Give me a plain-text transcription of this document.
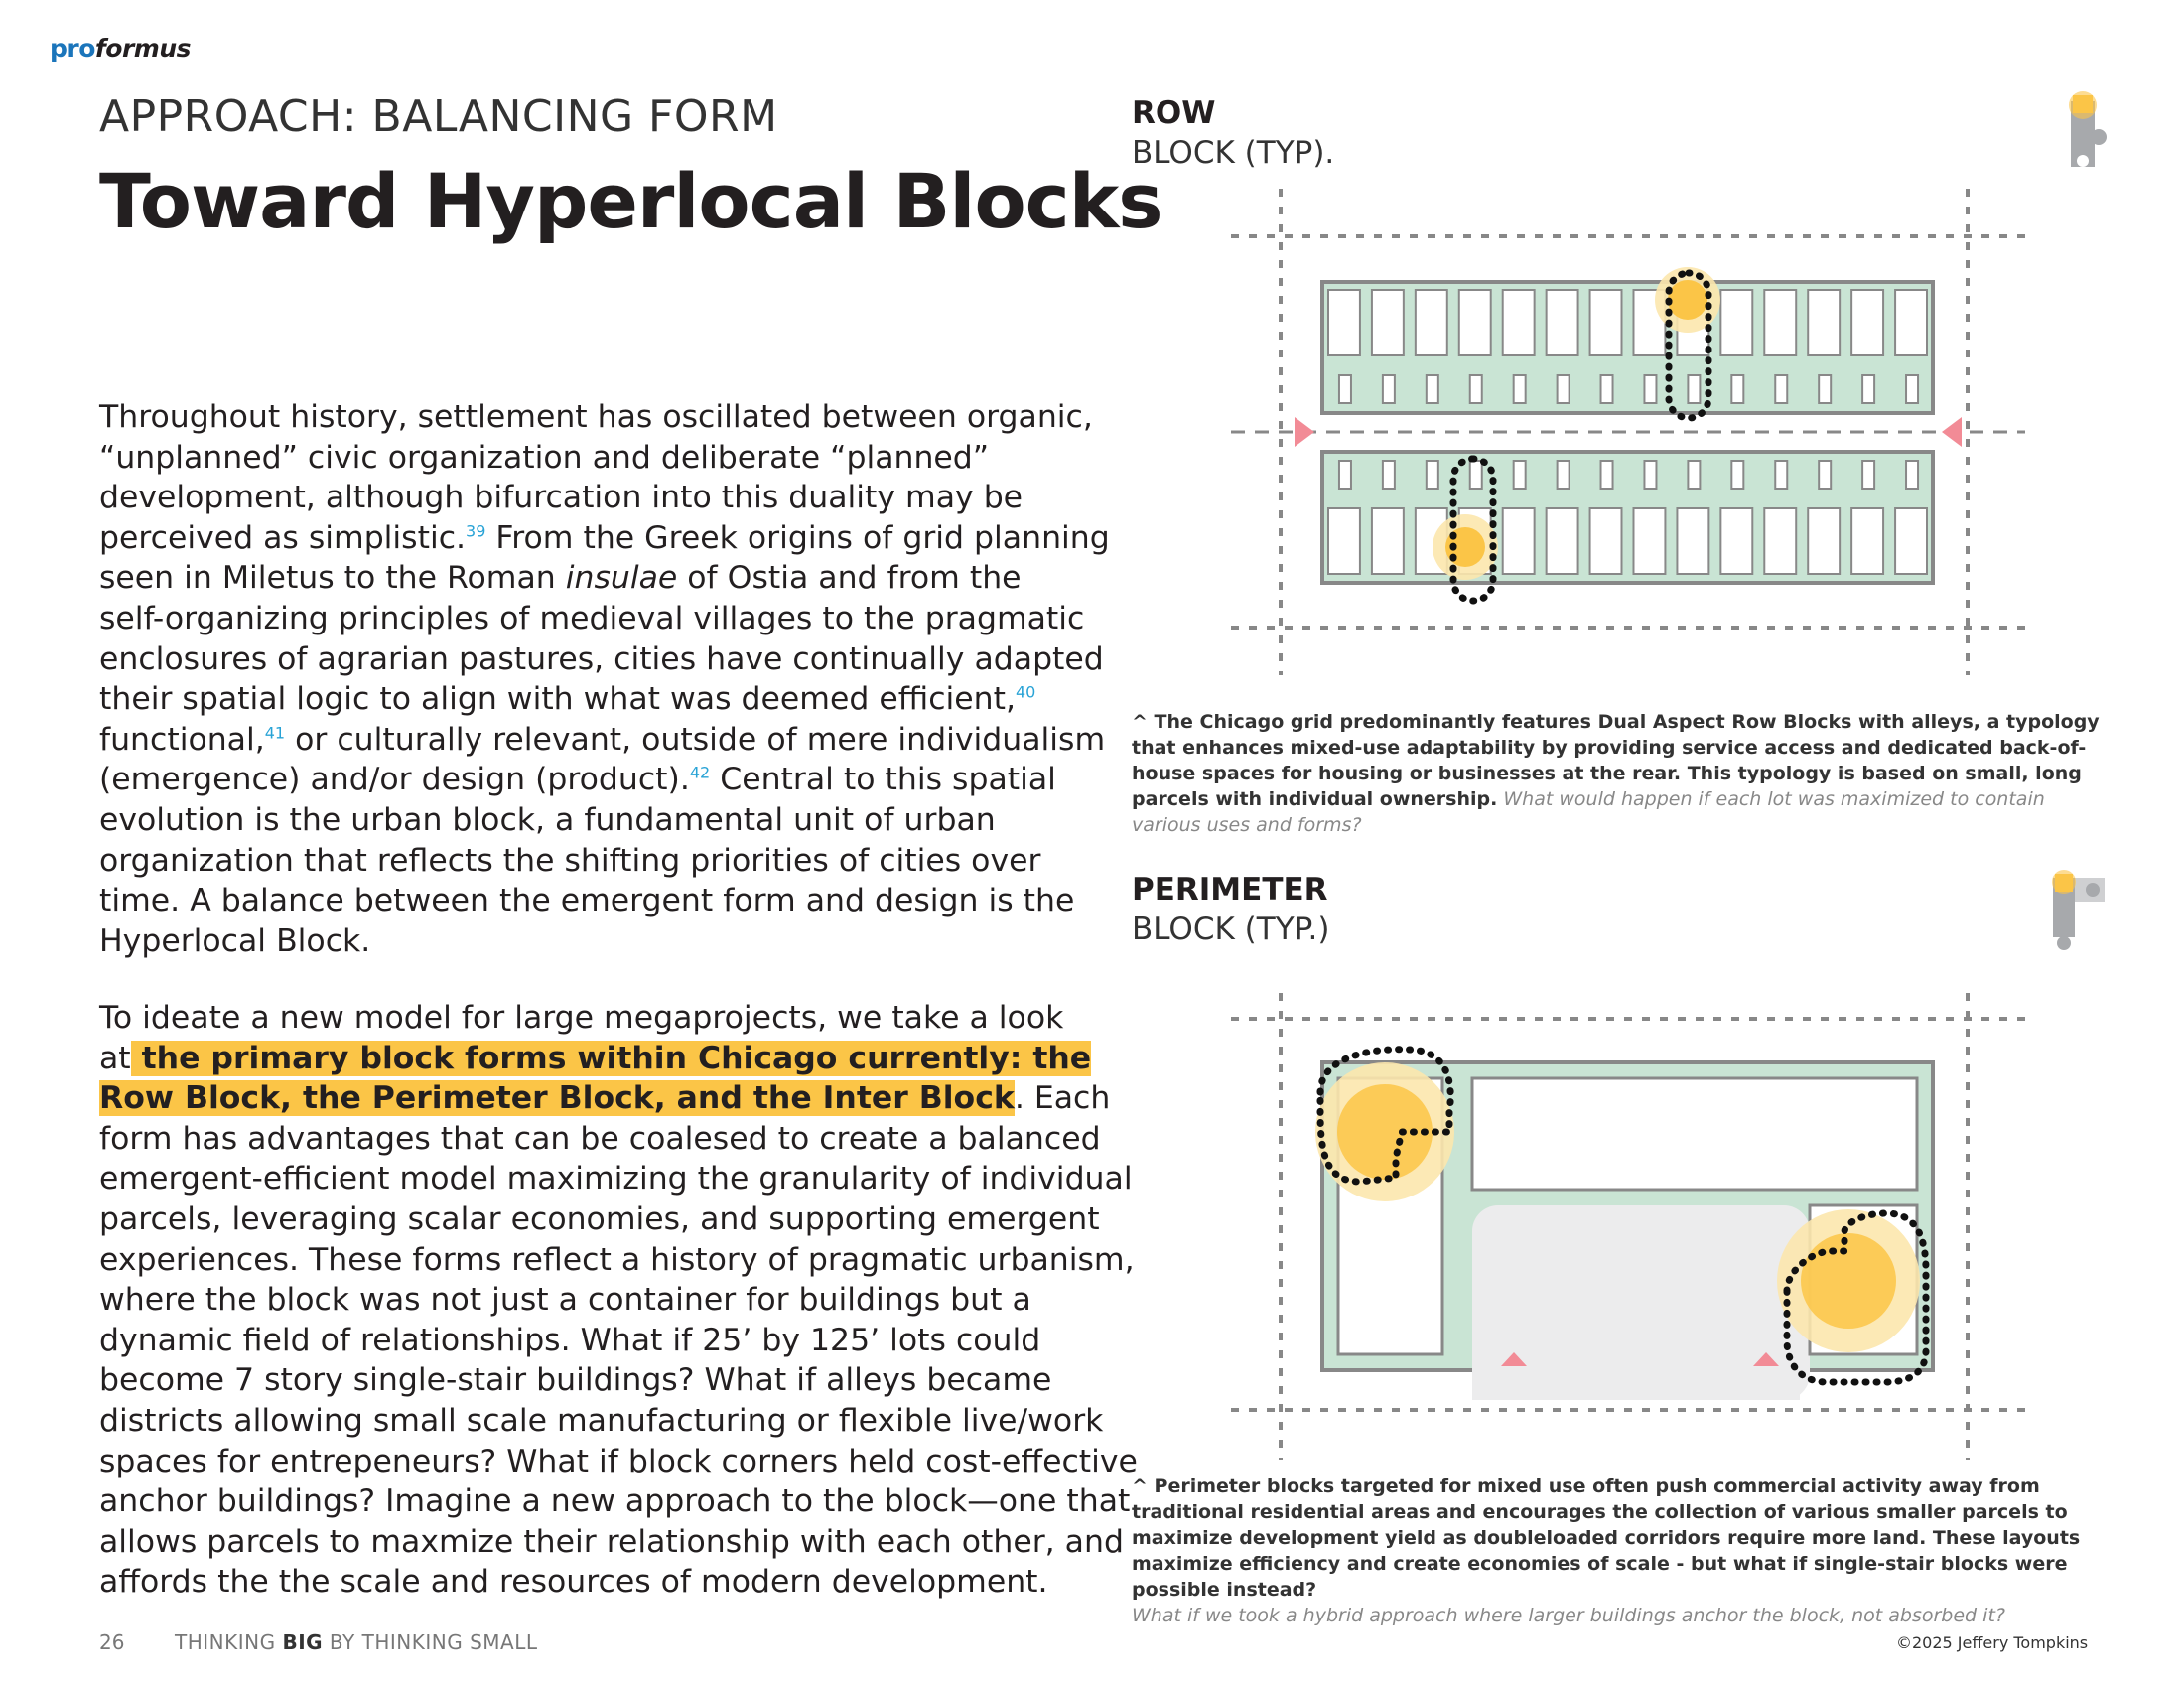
proformus
APPROACH: BALANCING FORM
Toward Hyperlocal Blocks
Throughout history, settlement has oscillated between organic,
“unplanned” civic organization and deliberate “planned”
development, although bifurcation into this duality may be
perceived as simplistic.$^{39}$ From the Greek origins of grid planning
seen in Miletus to the Roman insulae of Ostia and from the
self-organizing principles of medieval villages to the pragmatic
enclosures of agrarian pastures, cities have continually adapted
their spatial logic to align with what was deemed efficient,$^{40}$
functional,$^{41}$ or culturally relevant, outside of mere individualism
(emergence) and/or design (product).$^{42}$ Central to this spatial
evolution is the urban block, a fundamental unit of urban
organization that reflects the shifting priorities of cities over
time. A balance between the emergent form and design is the
Hyperlocal Block.
To ideate a new model for large megaprojects, we take a look
at the primary block forms within Chicago currently: the
Row Block, the Perimeter Block, and the Inter Block. Each
form has advantages that can be coalesed to create a balanced
emergent-efficient model maximizing the granularity of individual
parcels, leveraging scalar economies, and supporting emergent
experiences. These forms reflect a history of pragmatic urbanism,
where the block was not just a container for buildings but a
dynamic field of relationships. What if 25’ by 125’ lots could
become 7 story single-stair buildings? What if alleys became
districts allowing small scale manufacturing or flexible live/work
spaces for entrepeneurs? What if block corners held cost-effective
anchor buildings? Imagine a new approach to the block—one that
allows parcels to maxmize their relationship with each other, and
affords the the scale and resources of modern development.
ROW
BLOCK (TYP).
^ The Chicago grid predominantly features Dual Aspect Row Blocks with alleys, a typology that enhances mixed-use adaptability by providing service access and dedicated back-of-house spaces for housing or businesses at the rear. This typology is based on small, long parcels with individual ownership. What would happen if each lot was maximized to contain various uses and forms?
PERIMETER
BLOCK (TYP.)
^ Perimeter blocks targeted for mixed use often push commercial activity away from traditional residential areas and encourages the collection of various smaller parcels to maximize development yield as doubleloaded corridors require more land. These layouts maximize efficiency and create economies of scale - but what if single-stair blocks were possible instead?
What if we took a hybrid approach where larger buildings anchor the block, not absorbed it?
26	THINKING BIG BY THINKING SMALL	©2025 Jeffery Tompkins
